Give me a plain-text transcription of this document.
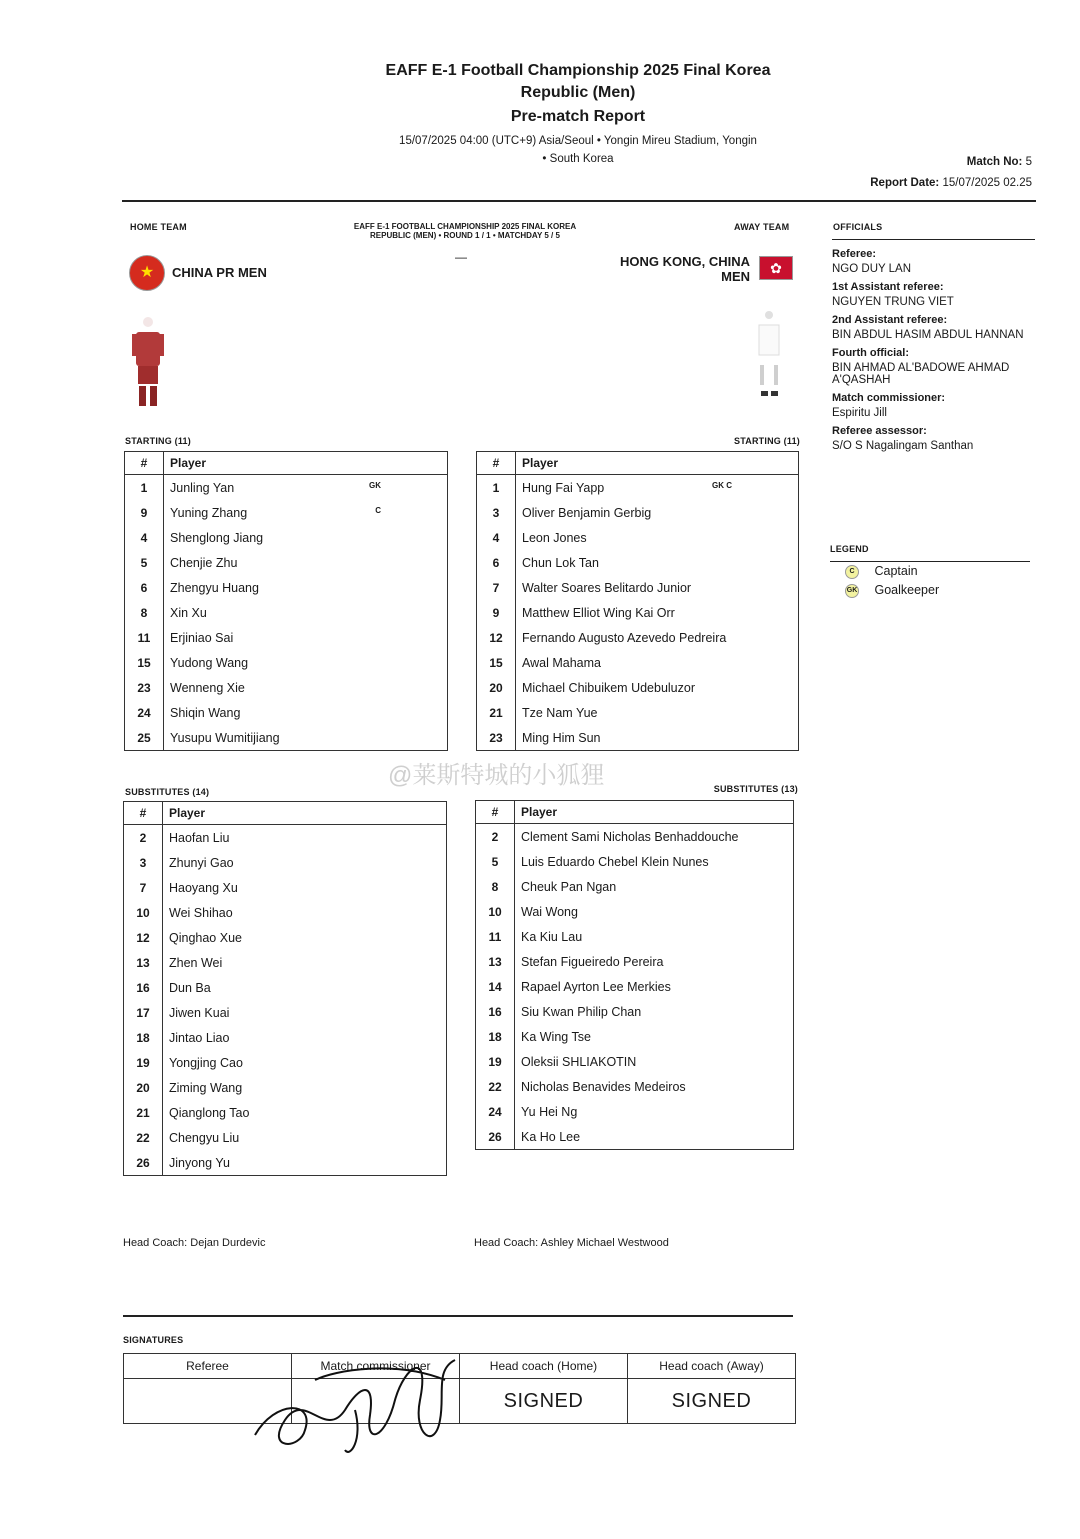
EAFF E-1 Football Championship 2025 Final Korea
Republic (Men)
Pre-match Report
15/07/2025 04:00 (UTC+9) Asia/Seoul • Yongin Mireu Stadium, Yongin
• South Korea	Match No: 5
Report Date: 15/07/2025 02.25
HOME TEAM	AWAY TEAM
EAFF E-1 FOOTBALL CHAMPIONSHIP 2025 FINAL KOREA
REPUBLIC (MEN) • ROUND 1 / 1 • MATCHDAY 5 / 5
—
★	CHINA PR MEN
HONG KONG, CHINA
MEN
✿
STARTING (11)
#	Player
1	Junling Yan GK

9	Yuning Zhang C

4	Shenglong Jiang
5	Chenjie Zhu
6	Zhengyu Huang
8	Xin Xu
11	Erjiniao Sai
15	Yudong Wang
23	Wenneng Xie
24	Shiqin Wang
25	Yusupu Wumitijiang
STARTING (11)
#	Player
1	Hung Fai Yapp GK C

3	Oliver Benjamin Gerbig
4	Leon Jones
6	Chun Lok Tan
7	Walter Soares Belitardo Junior
9	Matthew Elliot Wing Kai Orr
12	Fernando Augusto Azevedo Pedreira
15	Awal Mahama
20	Michael Chibuikem Udebuluzor
21	Tze Nam Yue
23	Ming Him Sun
SUBSTITUTES (14)
#	Player
2	Haofan Liu
3	Zhunyi Gao
7	Haoyang Xu
10	Wei Shihao
12	Qinghao Xue
13	Zhen Wei
16	Dun Ba
17	Jiwen Kuai
18	Jintao Liao
19	Yongjing Cao
20	Ziming Wang
21	Qianglong Tao
22	Chengyu Liu
26	Jinyong Yu
SUBSTITUTES (13)
#	Player
2	Clement Sami Nicholas Benhaddouche
5	Luis Eduardo Chebel Klein Nunes
8	Cheuk Pan Ngan
10	Wai Wong
11	Ka Kiu Lau
13	Stefan Figueiredo Pereira
14	Rapael Ayrton Lee Merkies
16	Siu Kwan Philip Chan
18	Ka Wing Tse
19	Oleksii SHLIAKOTIN
22	Nicholas Benavides Medeiros
24	Yu Hei Ng
26	Ka Ho Lee
OFFICIALS
Referee:
NGO DUY LAN
1st Assistant referee:
NGUYEN TRUNG VIET
2nd Assistant referee:
BIN ABDUL HASIM ABDUL HANNAN
Fourth official:
BIN AHMAD AL'BADOWE AHMAD A'QASHAH
Match commissioner:
Espiritu Jill
Referee assessor:
S/O S Nagalingam Santhan
LEGEND
C Captain
GK Goalkeeper
Head Coach: Dejan Durdevic	Head Coach: Ashley Michael Westwood
SIGNATURES
Referee	Match commissioner	Head coach (Home)	Head coach (Away)
		SIGNED	SIGNED
@莱斯特城的小狐狸
